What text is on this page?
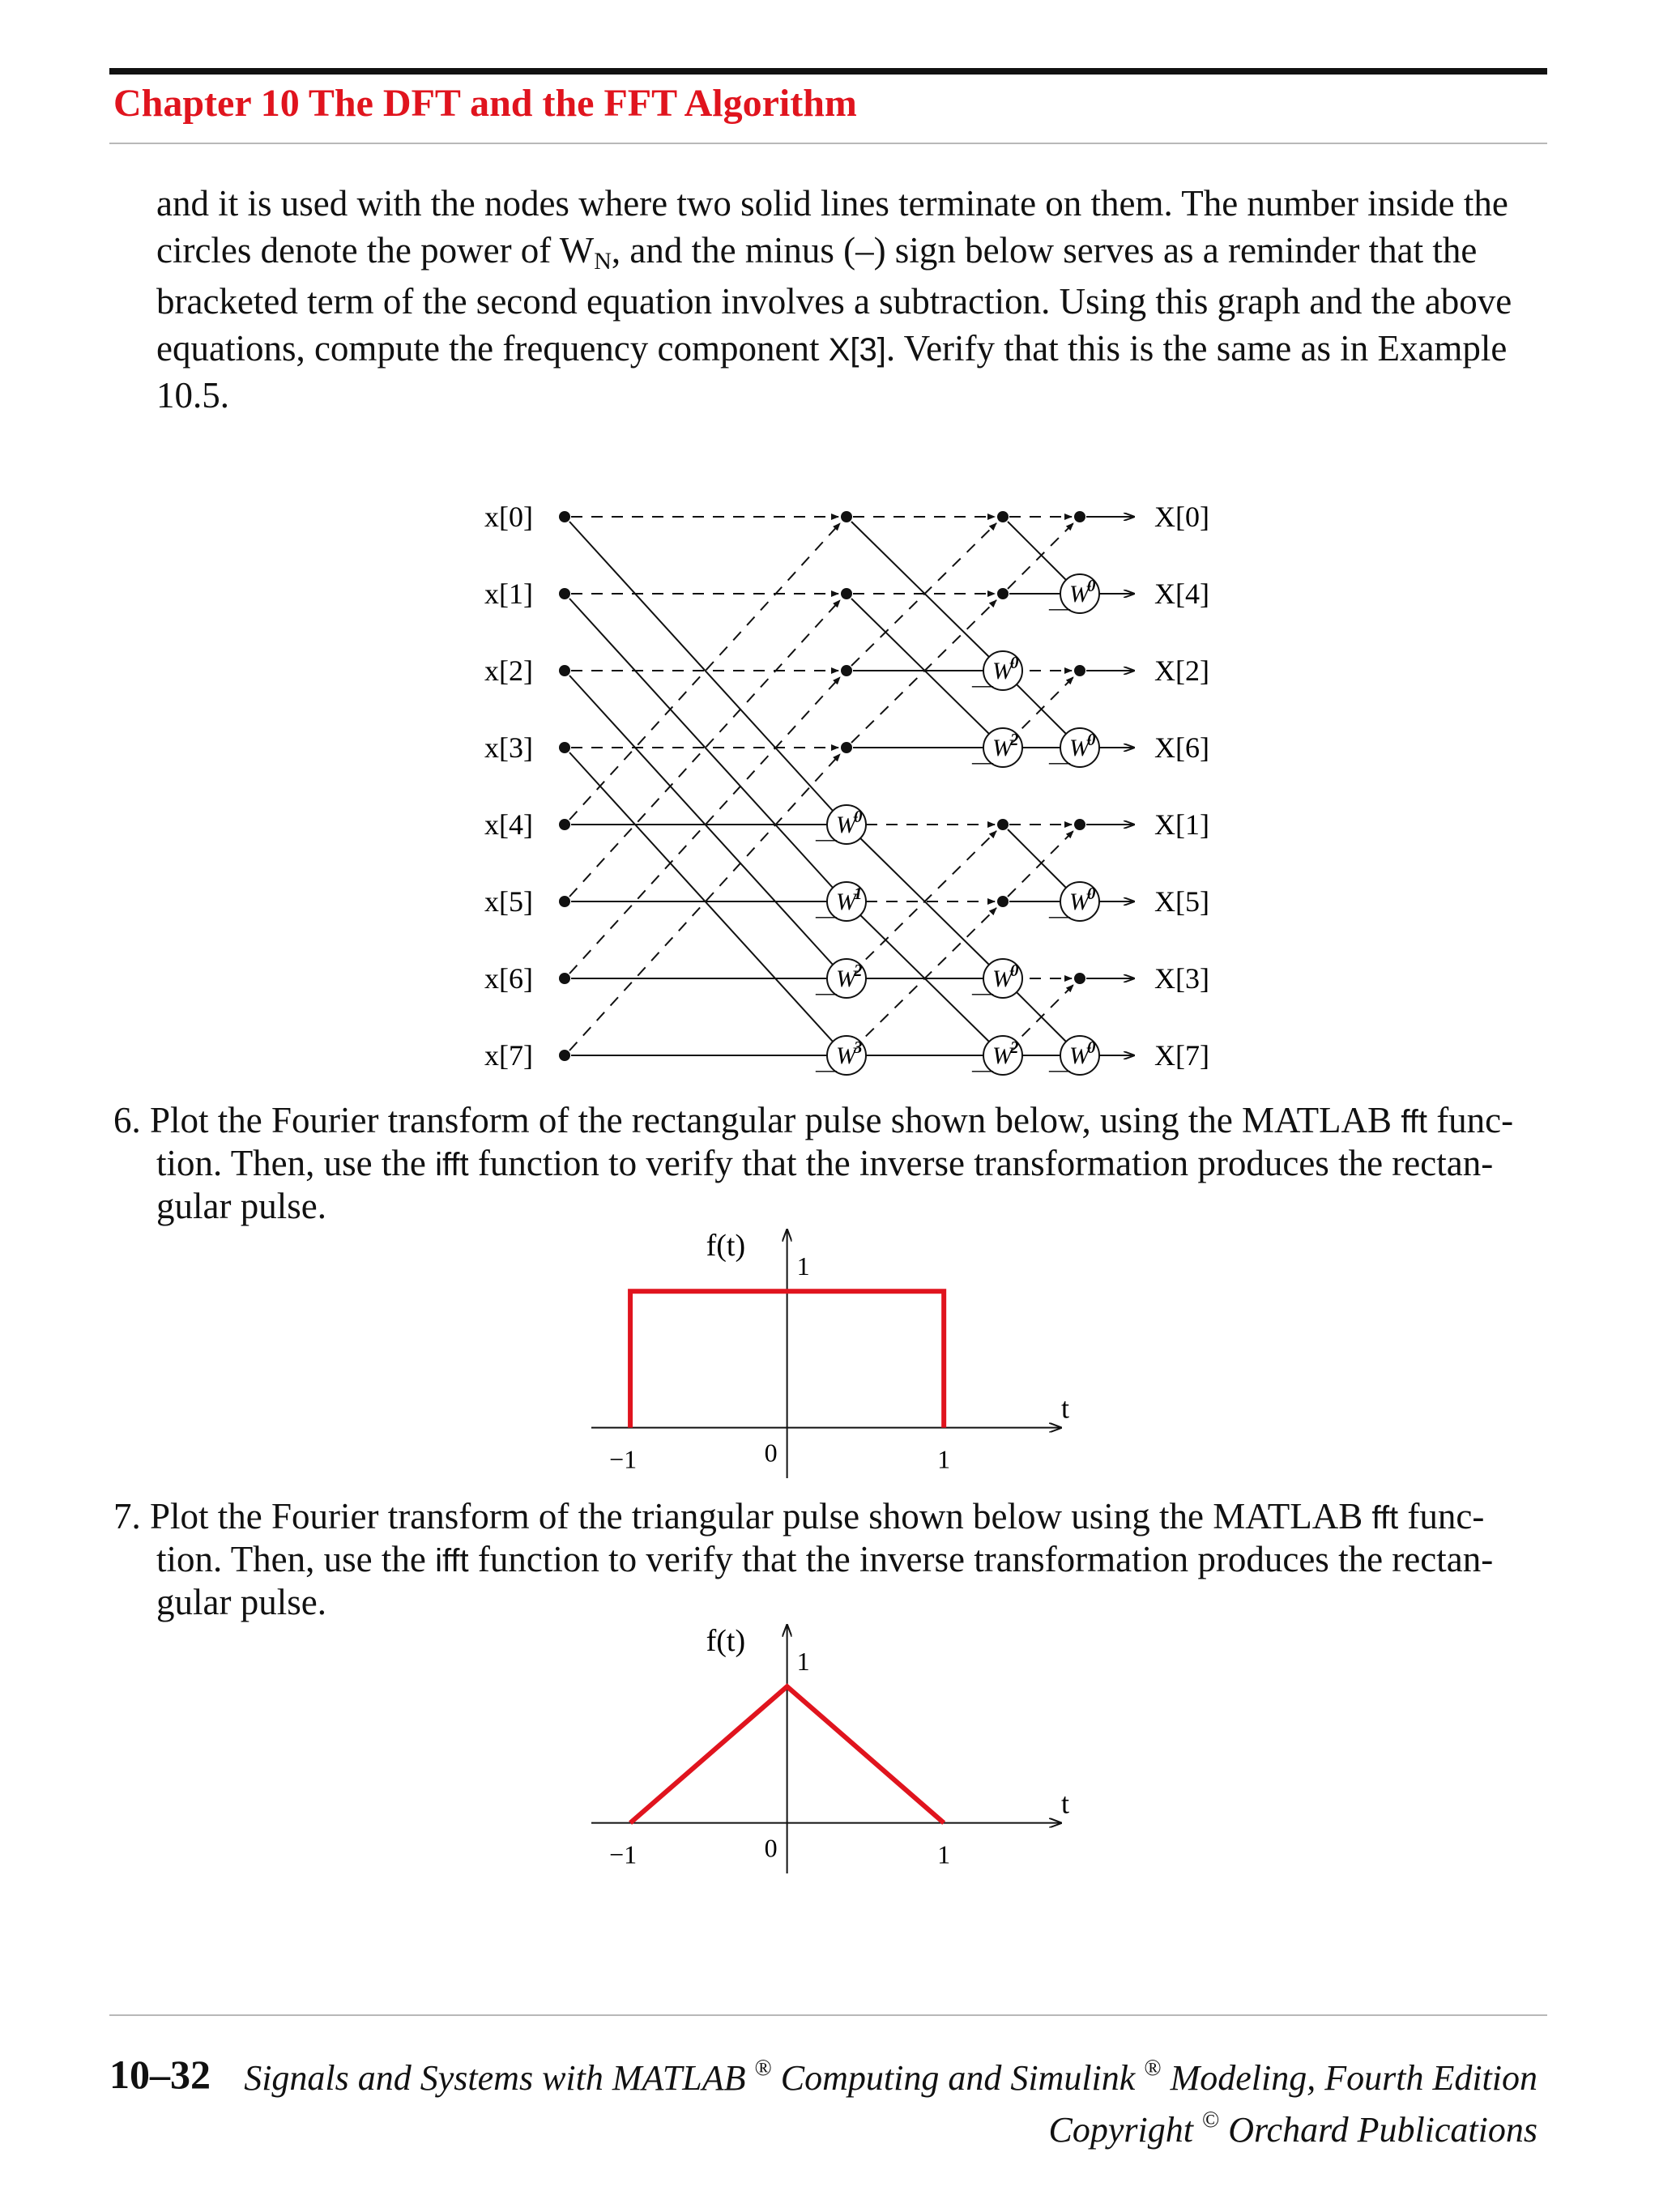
Chapter 10 The DFT and the FFT Algorithm

and it is used with the nodes where two solid lines terminate on them. The number inside the

circles denote the power of $W_N$, and the minus (–) sign below serves as a reminder that the

bracketed term of the second equation involves a subtraction. Using this graph and the above

equations, compute the frequency component X[3]. Verify that this is the same as in Example

10.5.

W
0
—
W
1
—
W
2
—
W
3
—
W
0
—
W
2
—
W
0
—
W
2
—
W
0
—
W
0
—
W
0
—
W
0
—
x[0]
x[1]
x[2]
x[3]
x[4]
x[5]
x[6]
x[7]
X[0]
X[4]
X[2]
X[6]
X[1]
X[5]
X[3]
X[7]

6. Plot the Fourier transform of the rectangular pulse shown below, using the MATLAB fft func-

tion. Then, use the ifft function to verify that the inverse transformation produces the rectan-

gular pulse.

f(t)
t
1
−1	0	1

7. Plot the Fourier transform of the triangular pulse shown below using the MATLAB fft func-

tion. Then, use the ifft function to verify that the inverse transformation produces the rectan-

gular pulse.

f(t)
t
1
−1	0	1
10–32 Signals and Systems with MATLAB ® Computing and Simulink ® Modeling, Fourth Edition
Copyright © Orchard Publications
